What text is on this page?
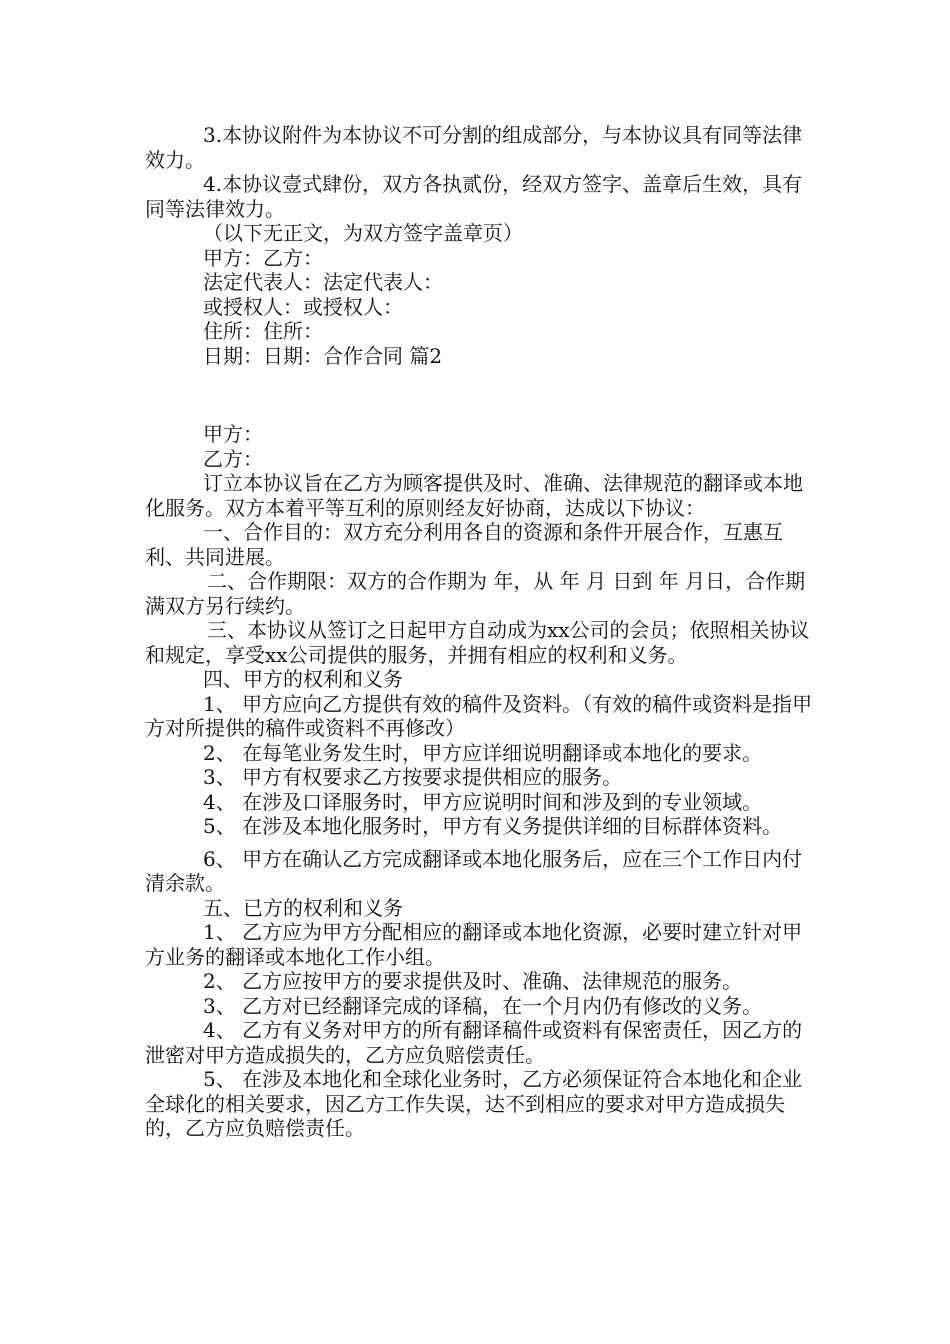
3.本协议附件为本协议不可分割的组成部分，与本协议具有同等法律效力。

4.本协议壹式肆份，双方各执贰份，经双方签字、盖章后生效，具有同等法律效力。

（以下无正文，为双方签字盖章页）

甲方：乙方：

法定代表人：法定代表人：

或授权人：或授权人：

住所：住所：

日期：日期：合作合同 篇2

甲方：

乙方：

订立本协议旨在乙方为顾客提供及时、准确、法律规范的翻译或本地化服务。双方本着平等互利的原则经友好协商，达成以下协议：

一、合作目的：双方充分利用各自的资源和条件开展合作，互惠互利、共同进展。

二、合作期限：双方的合作期为 年，从 年 月 日到 年 月日，合作期满双方另行续约。

三、本协议从签订之日起甲方自动成为xx公司的会员；依照相关协议和规定，享受xx公司提供的服务，并拥有相应的权利和义务。

四、甲方的权利和义务

1、 甲方应向乙方提供有效的稿件及资料。（有效的稿件或资料是指甲方对所提供的稿件或资料不再修改）

2、 在每笔业务发生时，甲方应详细说明翻译或本地化的要求。

3、 甲方有权要求乙方按要求提供相应的服务。

4、 在涉及口译服务时，甲方应说明时间和涉及到的专业领域。

5、 在涉及本地化服务时，甲方有义务提供详细的目标群体资料。

6、 甲方在确认乙方完成翻译或本地化服务后，应在三个工作日内付清余款。

五、已方的权利和义务

1、 乙方应为甲方分配相应的翻译或本地化资源，必要时建立针对甲方业务的翻译或本地化工作小组。

2、 乙方应按甲方的要求提供及时、准确、法律规范的服务。

3、 乙方对已经翻译完成的译稿，在一个月内仍有修改的义务。

4、 乙方有义务对甲方的所有翻译稿件或资料有保密责任，因乙方的泄密对甲方造成损失的，乙方应负赔偿责任。

5、 在涉及本地化和全球化业务时，乙方必须保证符合本地化和企业全球化的相关要求，因乙方工作失误，达不到相应的要求对甲方造成损失的，乙方应负赔偿责任。
